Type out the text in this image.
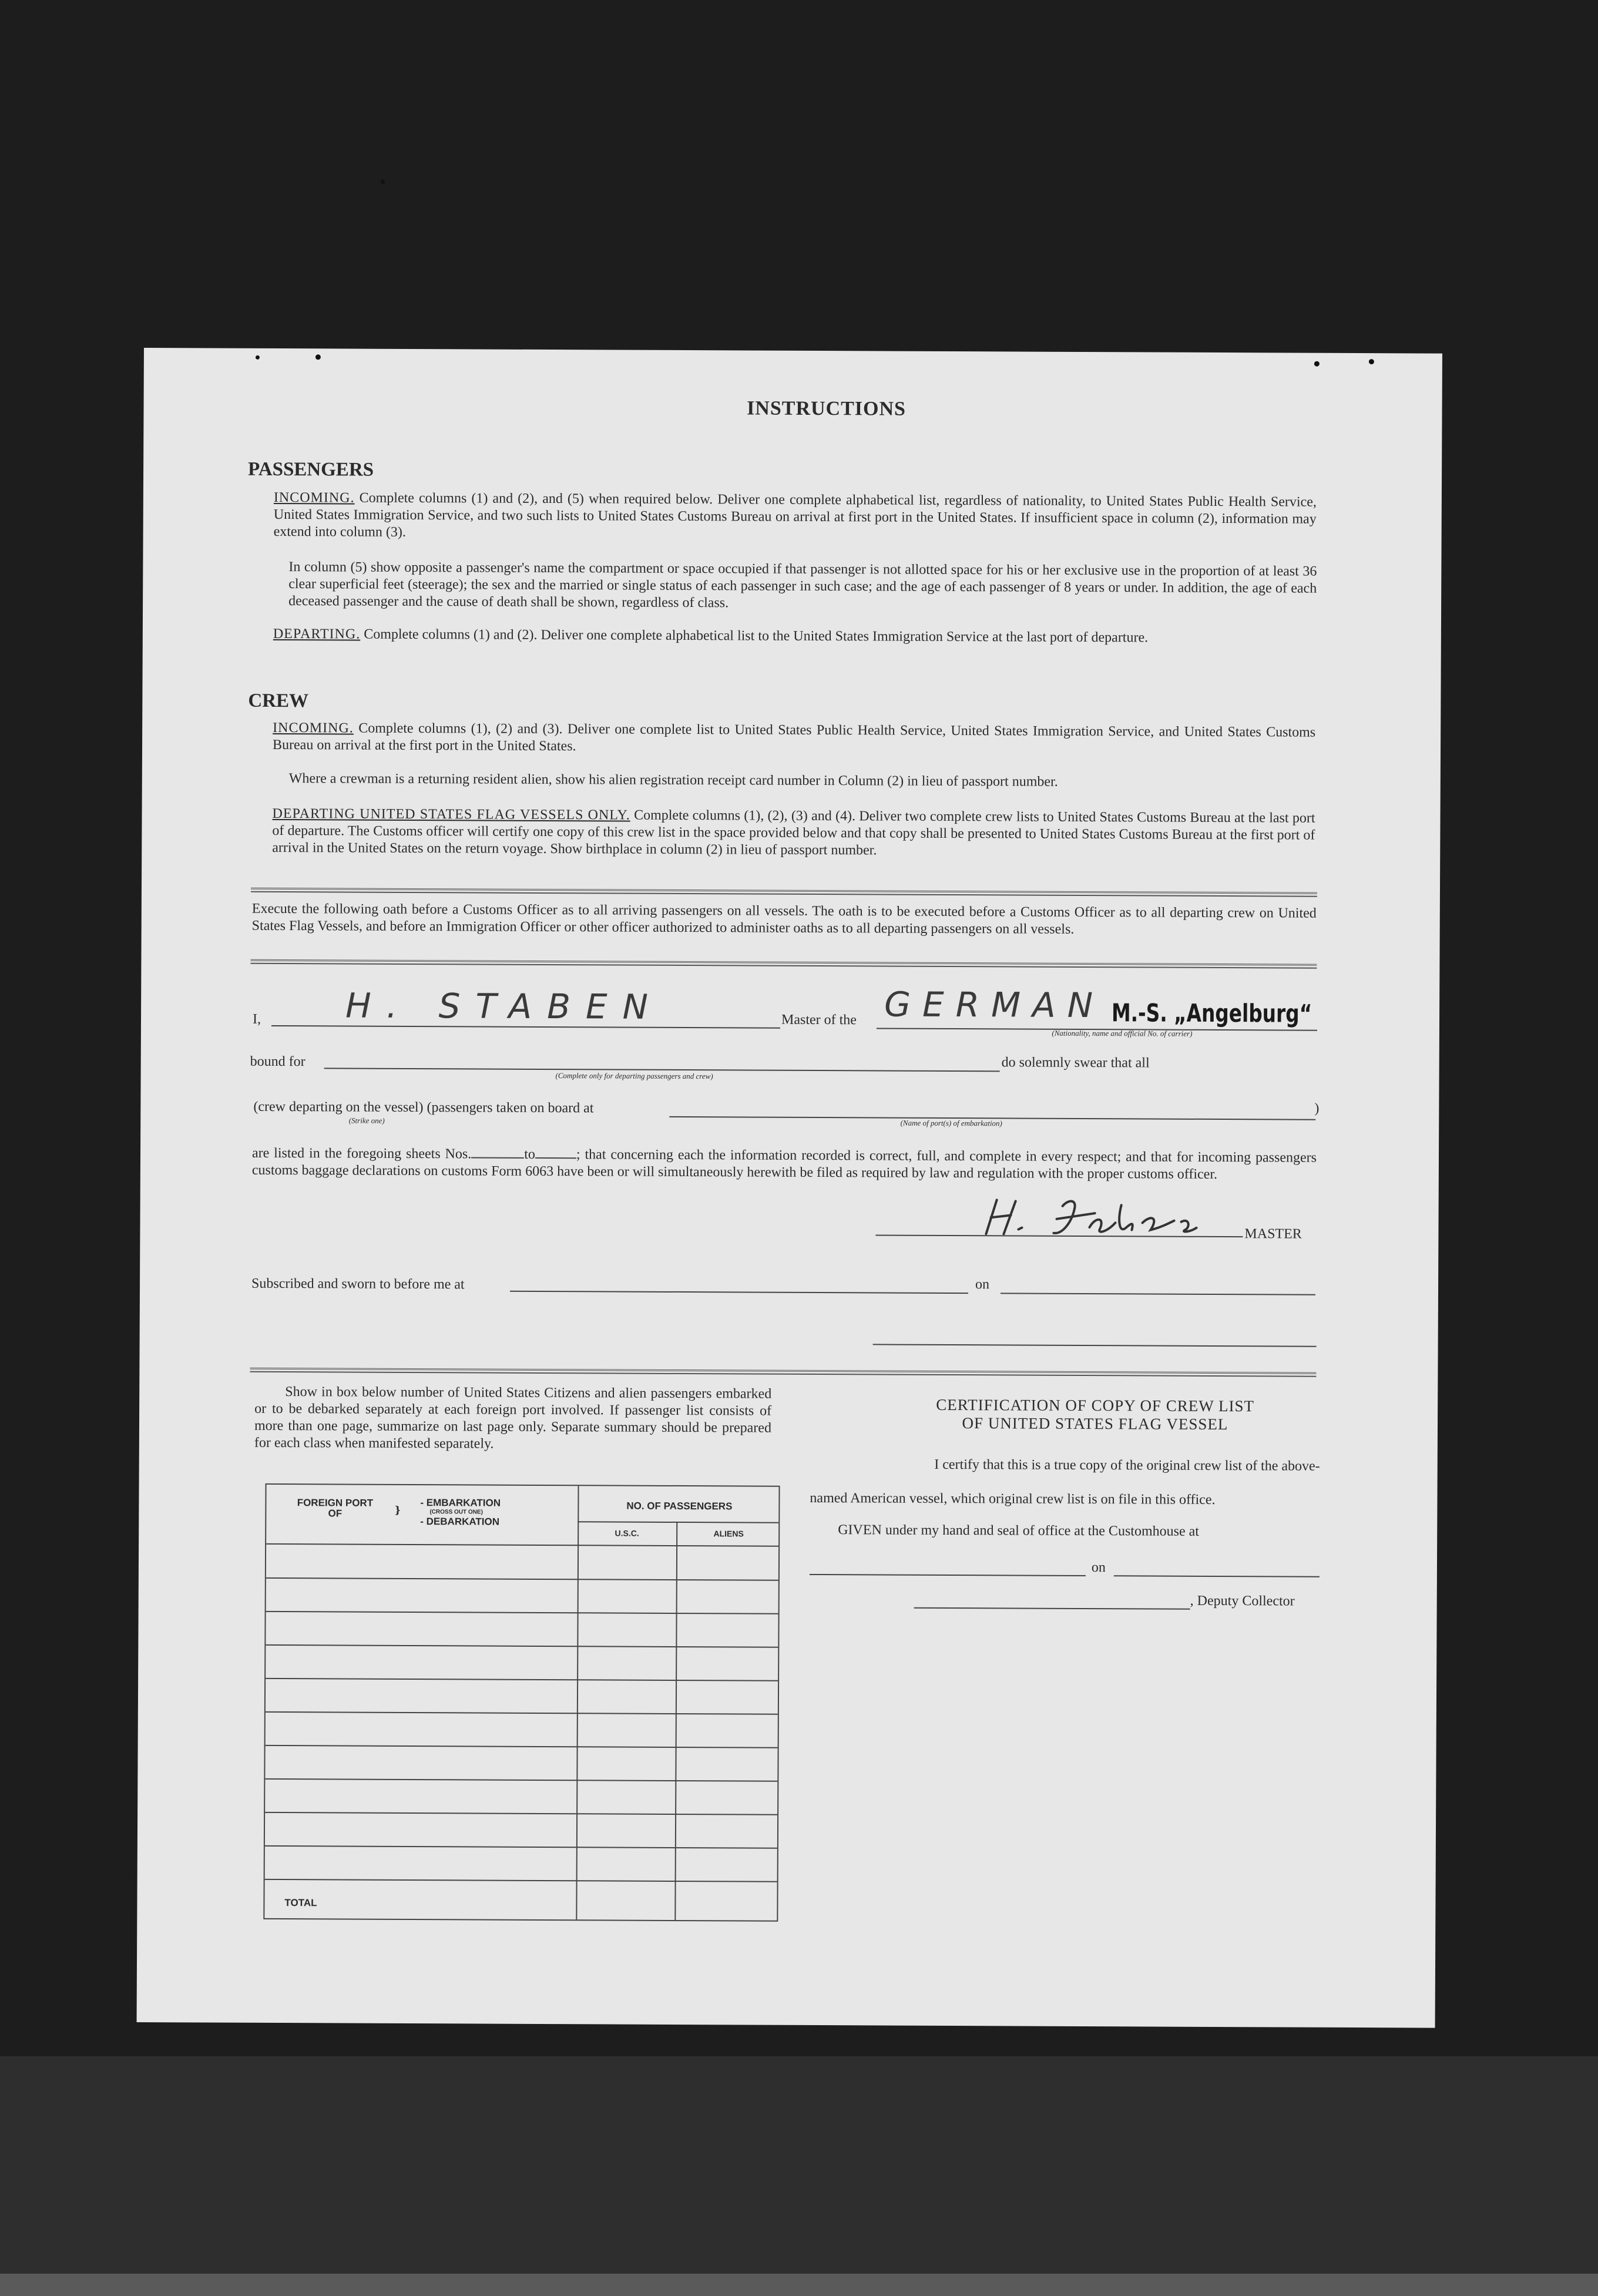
INSTRUCTIONS
PASSENGERS
INCOMING. Complete columns (1) and (2), and (5) when required below. Deliver one complete alphabetical list, regardless of nationality, to United States Public Health Service, United States Immigration Service, and two such lists to United States Customs Bureau on arrival at first port in the United States. If insufficient space in column (2), information may extend into column (3).
In column (5) show opposite a passenger's name the compartment or space occupied if that passenger is not allotted space for his or her exclusive use in the proportion of at least 36 clear superficial feet (steerage); the sex and the married or single status of each passenger in such case; and the age of each passenger of 8 years or under. In addition, the age of each deceased passenger and the cause of death shall be shown, regardless of class.
DEPARTING. Complete columns (1) and (2). Deliver one complete alphabetical list to the United States Immigration Service at the last port of departure.
CREW
INCOMING. Complete columns (1), (2) and (3). Deliver one complete list to United States Public Health Service, United States Immigration Service, and United States Customs Bureau on arrival at the first port in the United States.
Where a crewman is a returning resident alien, show his alien registration receipt card number in Column (2) in lieu of passport number.
DEPARTING UNITED STATES FLAG VESSELS ONLY. Complete columns (1), (2), (3) and (4). Deliver two complete crew lists to United States Customs Bureau at the last port of departure. The Customs officer will certify one copy of this crew list in the space provided below and that copy shall be presented to United States Customs Bureau at the first port of arrival in the United States on the return voyage. Show birthplace in column (2) in lieu of passport number.
Execute the following oath before a Customs Officer as to all arriving passengers on all vessels. The oath is to be executed before a Customs Officer as to all departing crew on United States Flag Vessels, and before an Immigration Officer or other officer authorized to administer oaths as to all departing passengers on all vessels.
I, H. STABEN	Master of the GERMAN M.-S. „Angelburg“
(Nationality, name and official No. of carrier)
bound for
(Complete only for departing passengers and crew)
do solemnly swear that all
(crew departing on the vessel) (passengers taken on board at	)
(Strike one)	(Name of port(s) of embarkation)
are listed in the foregoing sheets Nos.	to	; that concerning each the information recorded is correct, full, and complete in every respect; and that for incoming passengers customs baggage declarations on customs Form 6063 have been or will simultaneously herewith be filed as required by law and regulation with the proper customs officer.
MASTER
Subscribed and sworn to before me at	on
Show in box below number of United States Citizens and alien passengers embarked or to be debarked separately at each foreign port involved. If passenger list consists of more than one page, summarize on last page only. Separate summary should be prepared for each class when manifested separately.
FOREIGN PORT OF	}
- EMBARKATION
(CROSS OUT ONE)
- DEBARKATION
NO. OF PASSENGERS
U.S.C.	ALIENS
TOTAL
CERTIFICATION OF COPY OF CREW LIST
OF UNITED STATES FLAG VESSEL
I certify that this is a true copy of the original crew list of the above-
named American vessel, which original crew list is on file in this office.
GIVEN under my hand and seal of office at the Customhouse at
on
, Deputy Collector
